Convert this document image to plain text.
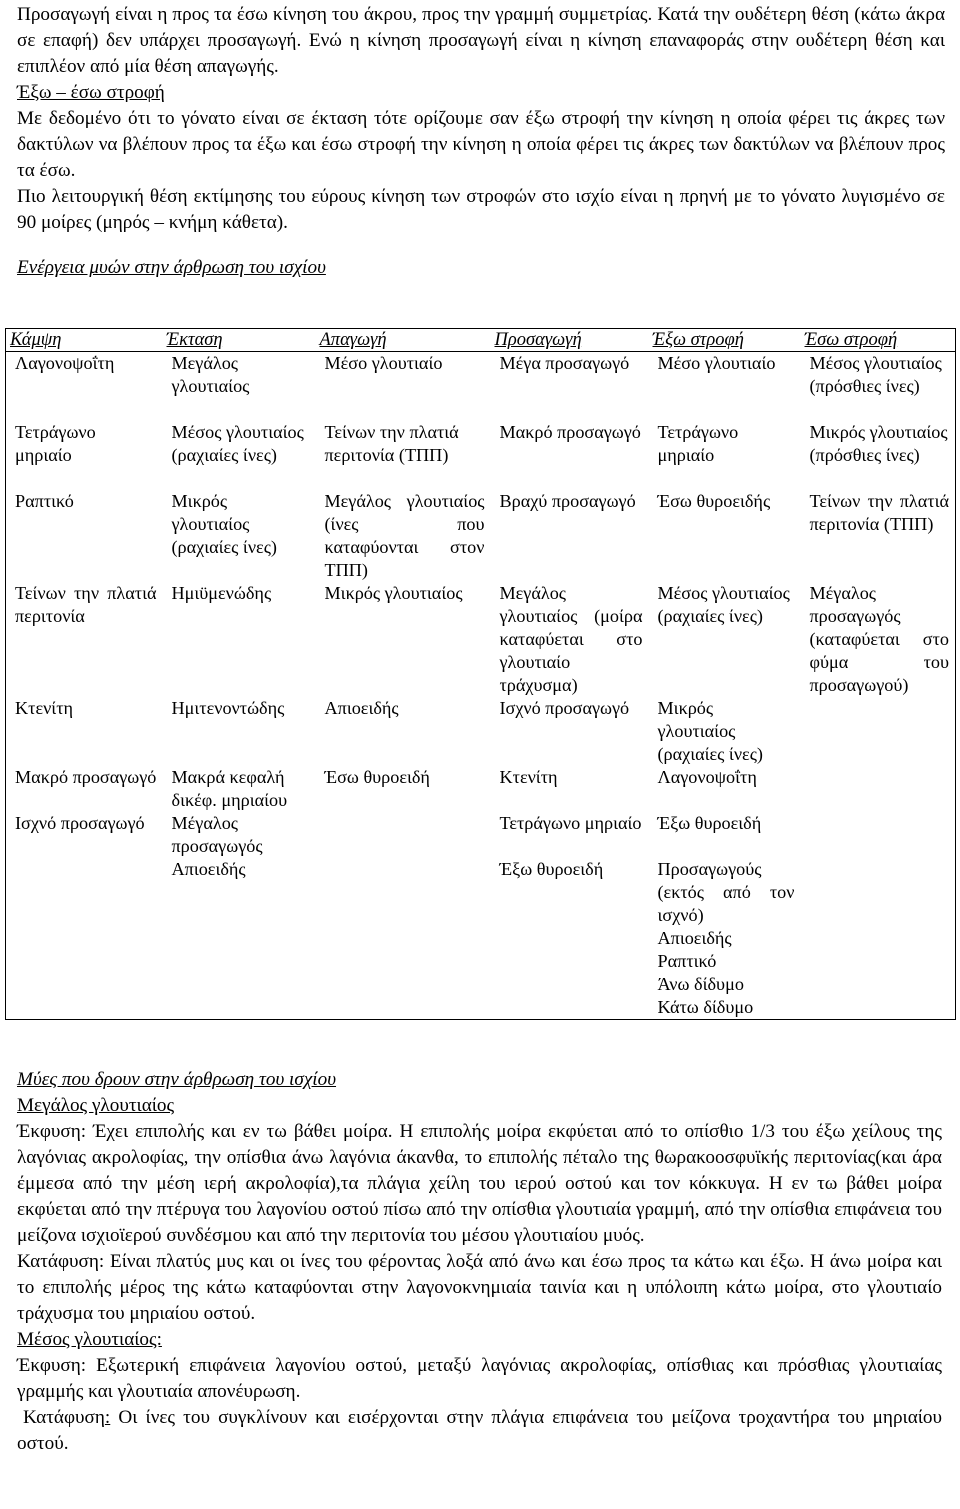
Προσαγωγή είναι η προς τα έσω κίνηση του άκρου, προς την γραμμή συμμετρίας. Κατά την ουδέτερη θέση (κάτω άκρα σε επαφή) δεν υπάρχει προσαγωγή. Ενώ η κίνηση προσαγωγή είναι η κίνηση επαναφοράς στην ουδέτερη θέση και επιπλέον από μία θέση απαγωγής.

Έξω – έσω στροφή

Με δεδομένο ότι το γόνατο είναι σε έκταση τότε ορίζουμε σαν έξω στροφή την κίνηση η οποία φέρει τις άκρες των δακτύλων να βλέπουν προς τα έξω και έσω στροφή την κίνηση η οποία φέρει τις άκρες των δακτύλων να βλέπουν προς τα έσω.

Πιο λειτουργική θέση εκτίμησης του εύρους κίνηση των στροφών στο ισχίο είναι η πρηνή με το γόνατο λυγισμένο σε 90 μοίρες (μηρός – κνήμη κάθετα).

Ενέργεια μυών στην άρθρωση του ισχίου

Κάμψη	Έκταση	Απαγωγή	Προσαγωγή	Έξω στροφή	Έσω στροφή
Λαγονοψοΐτη	Μεγάλος γλουτιαίος	Μέσο γλουτιαίο	Μέγα προσαγωγό	Μέσο γλουτιαίο	Μέσος γλουτιαίος (πρόσθιες ίνες)
Τετράγωνο μηριαίο	Μέσος γλουτιαίος (ραχιαίες ίνες)	Τείνων την πλατιά περιτονία (ΤΠΠ)	Μακρό προσαγωγό	Τετράγωνο μηριαίο	Μικρός γλουτιαίος (πρόσθιες ίνες)
Ραπτικό	Μικρός γλουτιαίος (ραχιαίες ίνες)	Μεγάλος γλουτιαίος (ίνες που καταφύονται στον ΤΠΠ)	Βραχύ προσαγωγό	Έσω θυροειδής	Τείνων την πλατιά περιτονία (ΤΠΠ)
Τείνων την πλατιά περιτονία	Ημιϋμενώδης	Μικρός γλουτιαίος	Μεγάλος γλουτιαίος (μοίρα καταφύεται στο γλουτιαίο τράχυσμα)	Μέσος γλουτιαίος (ραχιαίες ίνες)	Μέγαλος προσαγωγός (καταφύεται στο φύμα του προσαγωγού)
Κτενίτη	Ημιτενοντώδης	Απιοειδής	Ισχνό προσαγωγό	Μικρός γλουτιαίος (ραχιαίες ίνες)	
Μακρό προσαγωγό	Μακρά κεφαλή δικέφ. μηριαίου	Έσω θυροειδή	Κτενίτη	Λαγονοψοΐτη	
Ισχνό προσαγωγό	Μέγαλος προσαγωγός		Τετράγωνο μηριαίο	Έξω θυροειδή	
	Απιοειδής		Έξω θυροειδή	Προσαγωγούς (εκτός από τον ισχνό)	
				Απιοειδής	
				Ραπτικό	
				Άνω δίδυμο	
				Κάτω δίδυμο	

Μύες που δρουν στην άρθρωση του ισχίου

Μεγάλος γλουτιαίος

Έκφυση: Έχει επιπολής και εν τω βάθει μοίρα. Η επιπολής μοίρα εκφύεται από το οπίσθιο 1/3 του έξω χείλους της λαγόνιας ακρολοφίας, την οπίσθια άνω λαγόνια άκανθα, το επιπολής πέταλο της θωρακοοσφυϊκής περιτονίας(και άρα έμμεσα από την μέση ιερή ακρολοφία),τα πλάγια χείλη του ιερού οστού και τον κόκκυγα. Η εν τω βάθει μοίρα εκφύεται από την πτέρυγα του λαγονίου οστού πίσω από την οπίσθια γλουτιαία γραμμή, από την οπίσθια επιφάνεια του μείζονα ισχιοϊερού συνδέσμου και από την περιτονία του μέσου γλουτιαίου μυός.

Κατάφυση: Είναι πλατύς μυς και οι ίνες του φέροντας λοξά από άνω και έσω προς τα κάτω και έξω. Η άνω μοίρα και το επιπολής μέρος της κάτω καταφύονται στην λαγονοκνημιαία ταινία και η υπόλοιπη κάτω μοίρα, στο γλουτιαίο τράχυσμα του μηριαίου οστού.

Μέσος γλουτιαίος:

Έκφυση: Εξωτερική επιφάνεια λαγονίου οστού, μεταξύ λαγόνιας ακρολοφίας, οπίσθιας και πρόσθιας γλουτιαίας γραμμής και γλουτιαία απονέυρωση.

Κατάφυση: Οι ίνες του συγκλίνουν και εισέρχονται στην πλάγια επιφάνεια του μείζονα τροχαντήρα του μηριαίου οστού.
